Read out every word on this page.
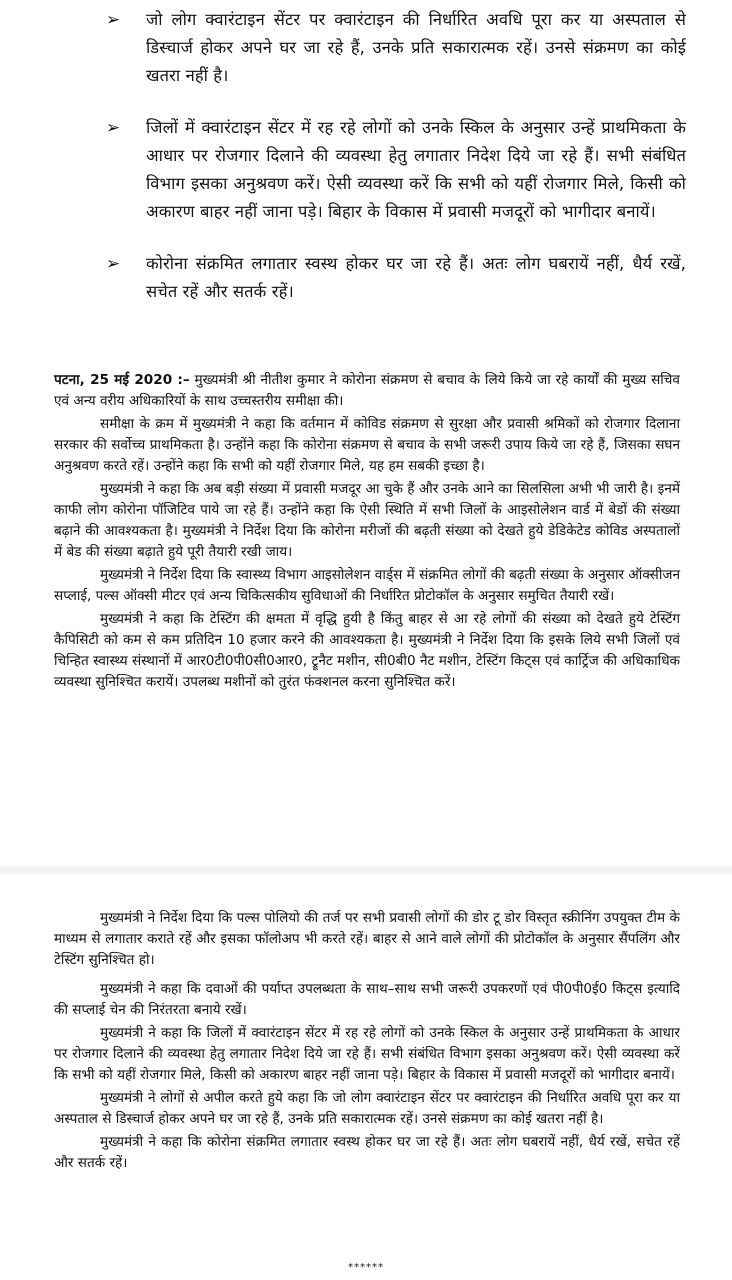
➢	जो लोग क्वारंटाइन सेंटर पर क्वारंटाइन की निर्धारित अवधि पूरा कर या अस्पताल से डिस्चार्ज होकर अपने घर जा रहे हैं, उनके प्रति सकारात्मक रहें। उनसे संक्रमण का कोई खतरा नहीं है।
➢	जिलों में क्वारंटाइन सेंटर में रह रहे लोगों को उनके स्किल के अनुसार उन्हें प्राथमिकता के आधार पर रोजगार दिलाने की व्यवस्था हेतु लगातार निदेश दिये जा रहे हैं। सभी संबंधित विभाग इसका अनुश्रवण करें। ऐसी व्यवस्था करें कि सभी को यहीं रोजगार मिले, किसी को अकारण बाहर नहीं जाना पड़े। बिहार के विकास में प्रवासी मजदूरों को भागीदार बनायें।
➢	कोरोना संक्रमित लगातार स्वस्थ होकर घर जा रहे हैं। अतः लोग घबरायें नहीं, धैर्य रखें, सचेत रहें और सतर्क रहें।

पटना, 25 मई 2020 :– मुख्यमंत्री श्री नीतीश कुमार ने कोरोना संक्रमण से बचाव के लिये किये जा रहे कार्यों की मुख्य सचिव एवं अन्य वरीय अधिकारियों के साथ उच्चस्तरीय समीक्षा की।

समीक्षा के क्रम में मुख्यमंत्री ने कहा कि वर्तमान में कोविड संक्रमण से सुरक्षा और प्रवासी श्रमिकों को रोजगार दिलाना सरकार की सर्वोच्च प्राथमिकता है। उन्होंने कहा कि कोरोना संक्रमण से बचाव के सभी जरूरी उपाय किये जा रहे हैं, जिसका सघन अनुश्रवण करते रहें। उन्होंने कहा कि सभी को यहीं रोजगार मिले, यह हम सबकी इच्छा है।

मुख्यमंत्री ने कहा कि अब बड़ी संख्या में प्रवासी मजदूर आ चुके हैं और उनके आने का सिलसिला अभी भी जारी है। इनमें काफी लोग कोरोना पॉजिटिव पाये जा रहे हैं। उन्होंने कहा कि ऐसी स्थिति में सभी जिलों के आइसोलेशन वार्ड में बेडों की संख्या बढ़ाने की आवश्यकता है। मुख्यमंत्री ने निर्देश दिया कि कोरोना मरीजों की बढ़ती संख्या को देखते हुये डेडिकेटेड कोविड अस्पतालों में बेड की संख्या बढ़ाते हुये पूरी तैयारी रखी जाय।

मुख्यमंत्री ने निर्देश दिया कि स्वास्थ्य विभाग आइसोलेशन वार्ड्स में संक्रमित लोगों की बढ़ती संख्या के अनुसार ऑक्सीजन सप्लाई, पल्स ऑक्सी मीटर एवं अन्य चिकित्सकीय सुविधाओं की निर्धारित प्रोटोकॉल के अनुसार समुचित तैयारी रखें।

मुख्यमंत्री ने कहा कि टेस्टिंग की क्षमता में वृद्धि हुयी है किंतु बाहर से आ रहे लोगों की संख्या को देखते हुये टेस्टिंग कैपिसिटी को कम से कम प्रतिदिन 10 हजार करने की आवश्यकता है। मुख्यमंत्री ने निर्देश दिया कि इसके लिये सभी जिलों एवं चिन्हित स्वास्थ्य संस्थानों में आर0टी0पी0सी0आर0, ट्रूनैट मशीन, सी0बी0 नैट मशीन, टेस्टिंग किट्स एवं कार्ट्रिज की अधिकाधिक व्यवस्था सुनिश्चित करायें। उपलब्ध मशीनों को तुरंत फंक्शनल करना सुनिश्चित करें।

मुख्यमंत्री ने निर्देश दिया कि पल्स पोलियो की तर्ज पर सभी प्रवासी लोगों की डोर टू डोर विस्तृत स्क्रीनिंग उपयुक्त टीम के माध्यम से लगातार कराते रहें और इसका फॉलोअप भी करते रहें। बाहर से आने वाले लोगों की प्रोटोकॉल के अनुसार सैंपलिंग और टेस्टिंग सुनिश्चित हो।

मुख्यमंत्री ने कहा कि दवाओं की पर्याप्त उपलब्धता के साथ–साथ सभी जरूरी उपकरणों एवं पी0पी0ई0 किट्स इत्यादि की सप्लाई चेन की निरंतरता बनाये रखें।

मुख्यमंत्री ने कहा कि जिलों में क्वारंटाइन सेंटर में रह रहे लोगों को उनके स्किल के अनुसार उन्हें प्राथमिकता के आधार पर रोजगार दिलाने की व्यवस्था हेतु लगातार निदेश दिये जा रहे हैं। सभी संबंधित विभाग इसका अनुश्रवण करें। ऐसी व्यवस्था करें कि सभी को यहीं रोजगार मिले, किसी को अकारण बाहर नहीं जाना पड़े। बिहार के विकास में प्रवासी मजदूरों को भागीदार बनायें।

मुख्यमंत्री ने लोगों से अपील करते हुये कहा कि जो लोग क्वारंटाइन सेंटर पर क्वारंटाइन की निर्धारित अवधि पूरा कर या अस्पताल से डिस्चार्ज होकर अपने घर जा रहे हैं, उनके प्रति सकारात्मक रहें। उनसे संक्रमण का कोई खतरा नहीं है।

मुख्यमंत्री ने कहा कि कोरोना संक्रमित लगातार स्वस्थ होकर घर जा रहे हैं। अतः लोग घबरायें नहीं, धैर्य रखें, सचेत रहें और सतर्क रहें।

******
